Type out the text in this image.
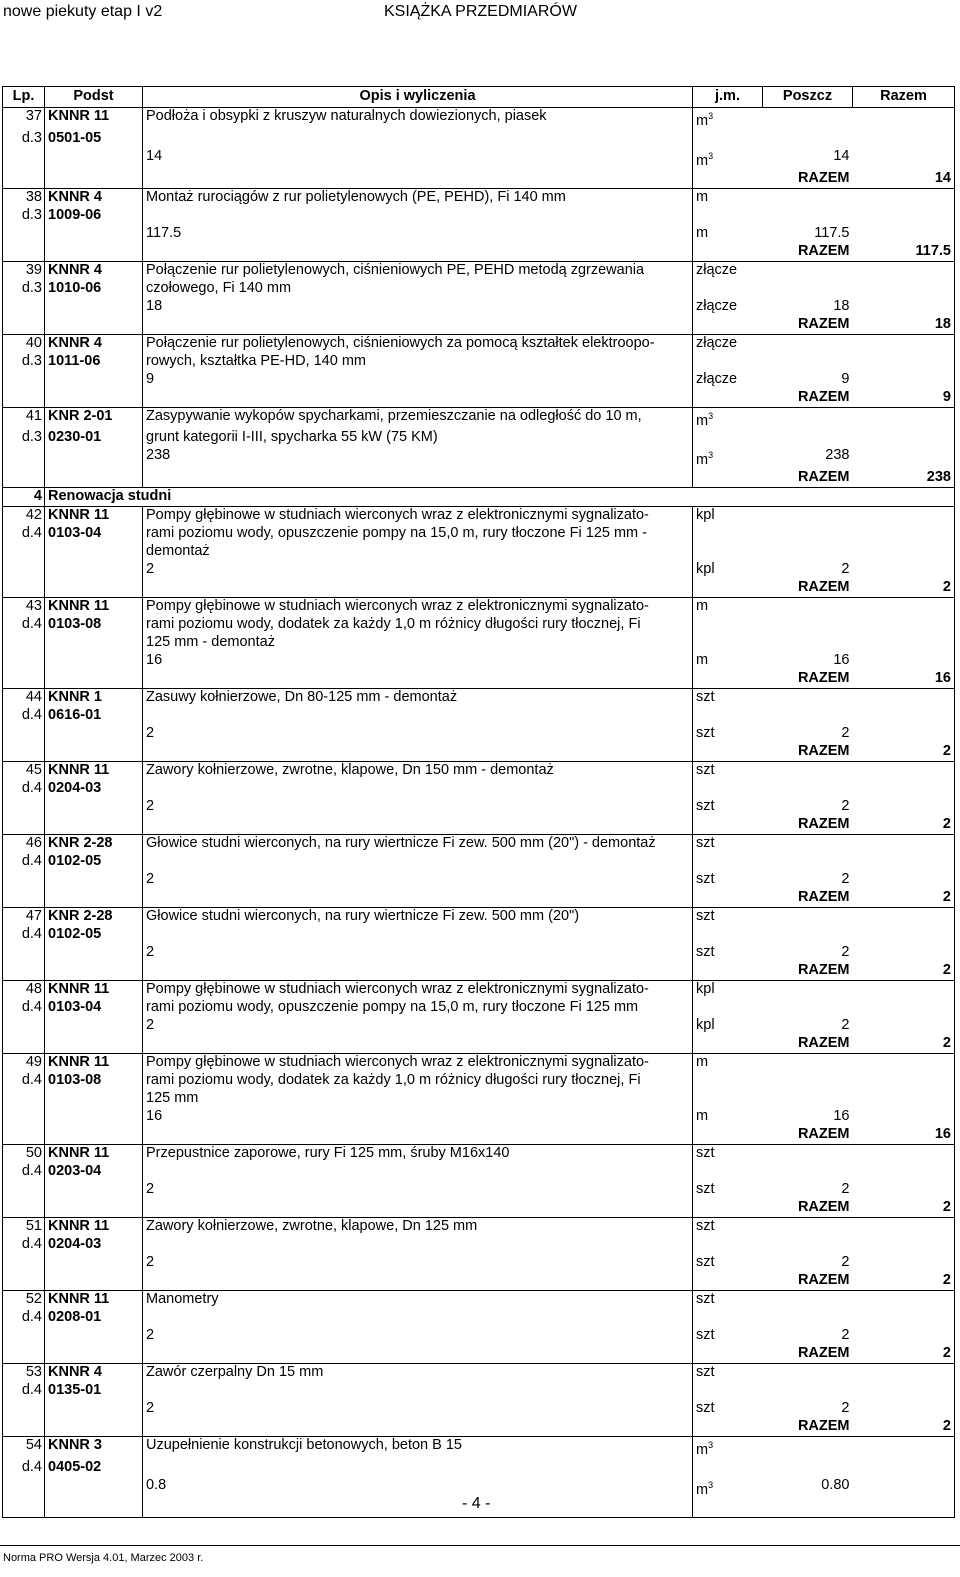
nowe piekuty etap I v2	KSIĄŻKA PRZEDMIARÓW
Lp.	Podst	Opis i wyliczenia	j.m.	Poszcz	Razem
37	KNNR 11	Podłoża i obsypki z kruszyw naturalnych dowiezionych, piasek	$m^3$		
d.3	0501-05				
		14	$m^3$	14	
				RAZEM	14
38	KNNR 4	Montaż rurociągów z rur polietylenowych (PE, PEHD), Fi 140 mm	m		
d.3	1009-06				
		117.5	m	117.5	
				RAZEM	117.5
39	KNNR 4	Połączenie rur polietylenowych, ciśnieniowych PE, PEHD metodą zgrzewania	złącze		
d.3	1010-06	czołowego, Fi 140 mm			
		18	złącze	18	
				RAZEM	18
40	KNNR 4	Połączenie rur polietylenowych, ciśnieniowych za pomocą kształtek elektroopo-	złącze		
d.3	1011-06	rowych, kształtka PE-HD, 140 mm			
		9	złącze	9	
				RAZEM	9
41	KNR 2-01	Zasypywanie wykopów spycharkami, przemieszczanie na odległość do 10 m,	$m^3$		
d.3	0230-01	grunt kategorii I-III, spycharka 55 kW (75 KM)			
		238	$m^3$	238	
				RAZEM	238
4	Renowacja studni				
42	KNNR 11	Pompy głębinowe w studniach wierconych wraz z elektronicznymi sygnalizato-	kpl		
d.4	0103-04	rami poziomu wody, opuszczenie pompy na 15,0 m, rury tłoczone Fi 125 mm -			
		demontaż			
		2	kpl	2	
				RAZEM	2
43	KNNR 11	Pompy głębinowe w studniach wierconych wraz z elektronicznymi sygnalizato-	m		
d.4	0103-08	rami poziomu wody, dodatek za każdy 1,0 m różnicy długości rury tłocznej, Fi			
		125 mm - demontaż			
		16	m	16	
				RAZEM	16
44	KNNR 1	Zasuwy kołnierzowe, Dn 80-125 mm - demontaż	szt		
d.4	0616-01				
		2	szt	2	
				RAZEM	2
45	KNNR 11	Zawory kołnierzowe, zwrotne, klapowe, Dn 150 mm - demontaż	szt		
d.4	0204-03				
		2	szt	2	
				RAZEM	2
46	KNR 2-28	Głowice studni wierconych, na rury wiertnicze Fi zew. 500 mm (20") - demontaż	szt		
d.4	0102-05				
		2	szt	2	
				RAZEM	2
47	KNR 2-28	Głowice studni wierconych, na rury wiertnicze Fi zew. 500 mm (20")	szt		
d.4	0102-05				
		2	szt	2	
				RAZEM	2
48	KNNR 11	Pompy głębinowe w studniach wierconych wraz z elektronicznymi sygnalizato-	kpl		
d.4	0103-04	rami poziomu wody, opuszczenie pompy na 15,0 m, rury tłoczone Fi 125 mm			
		2	kpl	2	
				RAZEM	2
49	KNNR 11	Pompy głębinowe w studniach wierconych wraz z elektronicznymi sygnalizato-	m		
d.4	0103-08	rami poziomu wody, dodatek za każdy 1,0 m różnicy długości rury tłocznej, Fi			
		125 mm			
		16	m	16	
				RAZEM	16
50	KNNR 11	Przepustnice zaporowe, rury Fi 125 mm, śruby M16x140	szt		
d.4	0203-04				
		2	szt	2	
				RAZEM	2
51	KNNR 11	Zawory kołnierzowe, zwrotne, klapowe, Dn 125 mm	szt		
d.4	0204-03				
		2	szt	2	
				RAZEM	2
52	KNNR 11	Manometry	szt		
d.4	0208-01				
		2	szt	2	
				RAZEM	2
53	KNNR 4	Zawór czerpalny Dn 15 mm	szt		
d.4	0135-01				
		2	szt	2	
				RAZEM	2
54	KNNR 3	Uzupełnienie konstrukcji betonowych, beton B 15	$m^3$		
d.4	0405-02				
		0.8	$m^3$	0.80	

- 4 -
Norma PRO Wersja 4.01, Marzec 2003 r.
